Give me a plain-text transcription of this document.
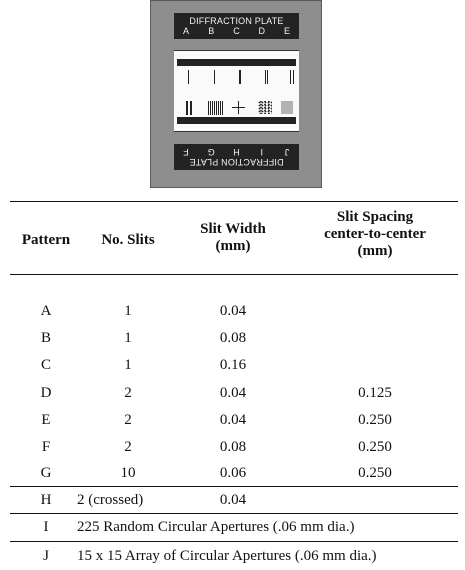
DIFFRACTION PLATE
A	B	C	D	E
DIFFRACTION PLATE
J
I
H
G
F
Pattern	No. Slits
Slit Width
(mm)
Slit Spacing
center-to-center
(mm)
A	1	0.04
B	1	0.08
C	1	0.16
D	2	0.04	0.125
E	2	0.04	0.250
F	2	0.08	0.250
G	10	0.06	0.250
H	2 (crossed)	0.04
I	225 Random Circular Apertures (.06 mm dia.)
J	15 x 15 Array of Circular Apertures (.06 mm dia.)
